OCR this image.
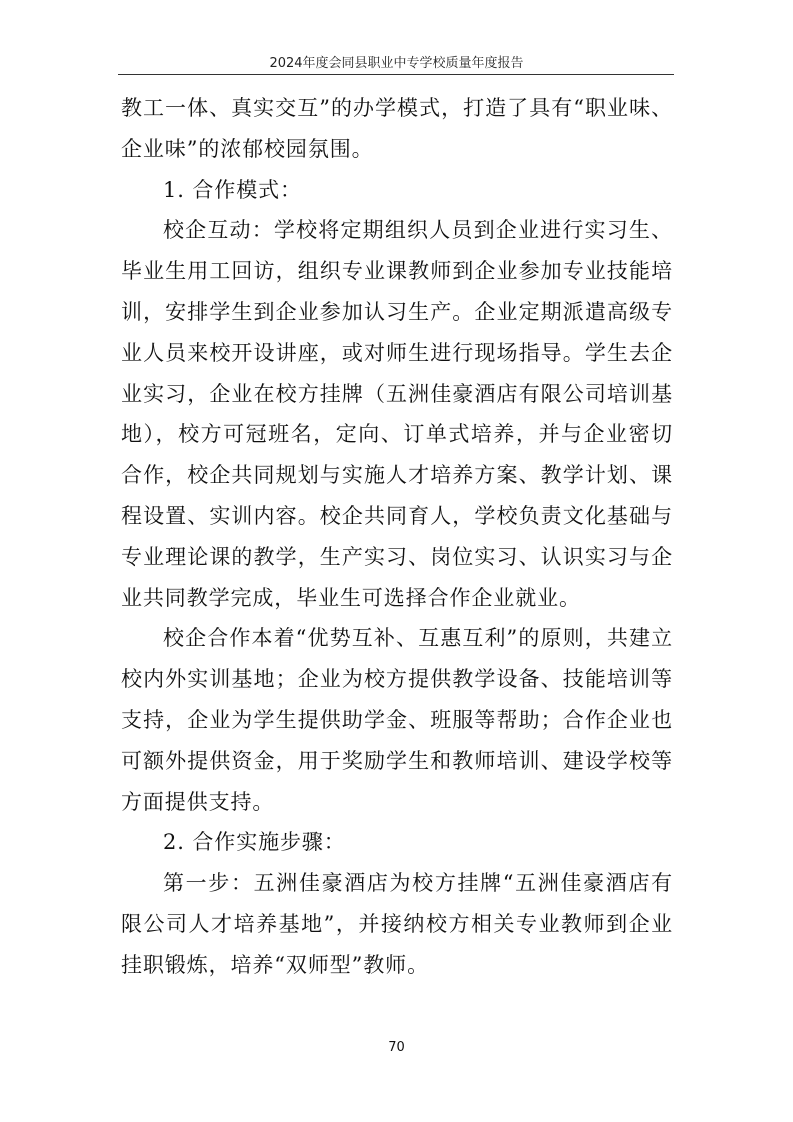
2024年度会同县职业中专学校质量年度报告

教工一体、真实交互”的办学模式，打造了具有“职业味、企业味”的浓郁校园氛围。

1. 合作模式：

校企互动：学校将定期组织人员到企业进行实习生、毕业生用工回访，组织专业课教师到企业参加专业技能培训，安排学生到企业参加认习生产。企业定期派遣高级专业人员来校开设讲座，或对师生进行现场指导。学生去企业实习，企业在校方挂牌（五洲佳豪酒店有限公司培训基地），校方可冠班名，定向、订单式培养，并与企业密切合作，校企共同规划与实施人才培养方案、教学计划、课程设置、实训内容。校企共同育人，学校负责文化基础与专业理论课的教学，生产实习、岗位实习、认识实习与企业共同教学完成，毕业生可选择合作企业就业。

校企合作本着“优势互补、互惠互利”的原则，共建立校内外实训基地；企业为校方提供教学设备、技能培训等支持，企业为学生提供助学金、班服等帮助；合作企业也可额外提供资金，用于奖励学生和教师培训、建设学校等方面提供支持。

2. 合作实施步骤：

第一步：五洲佳豪酒店为校方挂牌“五洲佳豪酒店有限公司人才培养基地”，并接纳校方相关专业教师到企业挂职锻炼，培养“双师型”教师。

70
